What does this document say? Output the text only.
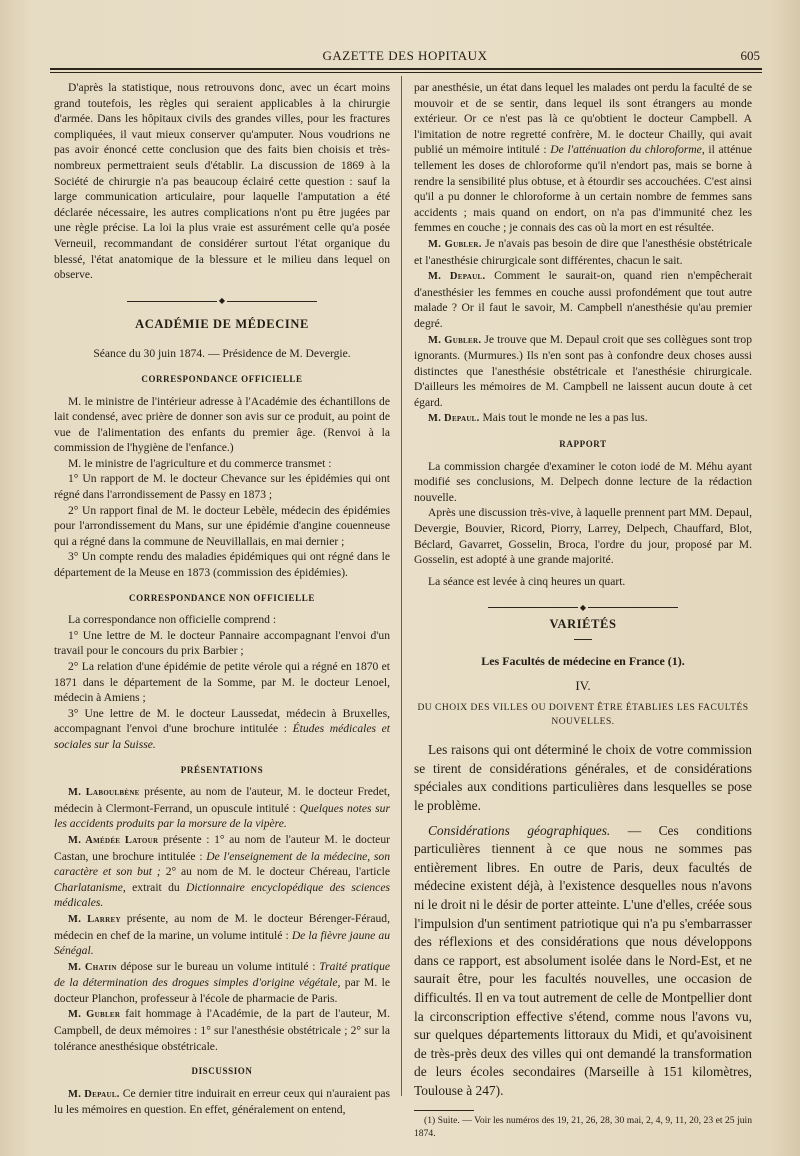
GAZETTE DES HOPITAUX	605

D'après la statistique, nous retrouvons donc, avec un écart moins grand toutefois, les règles qui seraient applicables à la chirurgie d'armée. Dans les hôpitaux civils des grandes villes, pour les fractures compliquées, il vaut mieux conserver qu'amputer. Nous voudrions ne pas avoir énoncé cette conclusion que des faits bien choisis et très-nombreux permettraient seuls d'établir. La discussion de 1869 à la Société de chirurgie n'a pas beaucoup éclairé cette question : sauf la large communication articulaire, pour laquelle l'amputation a été déclarée nécessaire, les autres complications n'ont pu être jugées par une règle précise. La loi la plus vraie est assurément celle qu'a posée Verneuil, recommandant de considérer surtout l'état organique du blessé, l'état anatomique de la blessure et le milieu dans lequel on observe.

◆
ACADÉMIE DE MÉDECINE

Séance du 30 juin 1874. — Présidence de M. Devergie.

CORRESPONDANCE OFFICIELLE

M. le ministre de l'intérieur adresse à l'Académie des échantillons de lait condensé, avec prière de donner son avis sur ce produit, au point de vue de l'alimentation des enfants du premier âge. (Renvoi à la commission de l'hygiène de l'enfance.)

M. le ministre de l'agriculture et du commerce transmet :

1° Un rapport de M. le docteur Chevance sur les épidémies qui ont régné dans l'arrondissement de Passy en 1873 ;

2° Un rapport final de M. le docteur Lebèle, médecin des épidémies pour l'arrondissement du Mans, sur une épidémie d'angine couenneuse qui a régné dans la commune de Neuvillallais, en mai dernier ;

3° Un compte rendu des maladies épidémiques qui ont régné dans le département de la Meuse en 1873 (commission des épidémies).

CORRESPONDANCE NON OFFICIELLE

La correspondance non officielle comprend :

1° Une lettre de M. le docteur Pannaire accompagnant l'envoi d'un travail pour le concours du prix Barbier ;

2° La relation d'une épidémie de petite vérole qui a régné en 1870 et 1871 dans le département de la Somme, par M. le docteur Lenoel, médecin à Amiens ;

3° Une lettre de M. le docteur Laussedat, médecin à Bruxelles, accompagnant l'envoi d'une brochure intitulée : Études médicales et sociales sur la Suisse.

PRÉSENTATIONS

M. Laboulbène présente, au nom de l'auteur, M. le docteur Fredet, médecin à Clermont-Ferrand, un opuscule intitulé : Quelques notes sur les accidents produits par la morsure de la vipère.

M. Amédée Latour présente : 1° au nom de l'auteur M. le docteur Castan, une brochure intitulée : De l'enseignement de la médecine, son caractère et son but ; 2° au nom de M. le docteur Chéreau, l'article Charlatanisme, extrait du Dictionnaire encyclopédique des sciences médicales.

M. Larrey présente, au nom de M. le docteur Bérenger-Féraud, médecin en chef de la marine, un volume intitulé : De la fièvre jaune au Sénégal.

M. Chatin dépose sur le bureau un volume intitulé : Traité pratique de la détermination des drogues simples d'origine végétale, par M. le docteur Planchon, professeur à l'école de pharmacie de Paris.

M. Gubler fait hommage à l'Académie, de la part de l'auteur, M. Campbell, de deux mémoires : 1° sur l'anesthésie obstétricale ; 2° sur la tolérance anesthésique obstétricale.

DISCUSSION

M. Depaul. Ce dernier titre induirait en erreur ceux qui n'auraient pas lu les mémoires en question. En effet, généralement on entend,

par anesthésie, un état dans lequel les malades ont perdu la faculté de se mouvoir et de se sentir, dans lequel ils sont étrangers au monde extérieur. Or ce n'est pas là ce qu'obtient le docteur Campbell. A l'imitation de notre regretté confrère, M. le docteur Chailly, qui avait publié un mémoire intitulé : De l'atténuation du chloroforme, il atténue tellement les doses de chloroforme qu'il n'endort pas, mais se borne à rendre la sensibilité plus obtuse, et à étourdir ses accouchées. C'est ainsi qu'il a pu donner le chloroforme à un certain nombre de femmes sans accidents ; mais quand on endort, on n'a pas d'immunité chez les femmes en couche ; je connais des cas où la mort en est résultée.

M. Gubler. Je n'avais pas besoin de dire que l'anesthésie obstétricale et l'anesthésie chirurgicale sont différentes, chacun le sait.

M. Depaul. Comment le saurait-on, quand rien n'empêcherait d'anesthésier les femmes en couche aussi profondément que tout autre malade ? Or il faut le savoir, M. Campbell n'anesthésie qu'au premier degré.

M. Gubler. Je trouve que M. Depaul croit que ses collègues sont trop ignorants. (Murmures.) Ils n'en sont pas à confondre deux choses aussi distinctes que l'anesthésie obstétricale et l'anesthésie chirurgicale. D'ailleurs les mémoires de M. Campbell ne laissent aucun doute à cet égard.

M. Depaul. Mais tout le monde ne les a pas lus.

RAPPORT

La commission chargée d'examiner le coton iodé de M. Méhu ayant modifié ses conclusions, M. Delpech donne lecture de la rédaction nouvelle.

Après une discussion très-vive, à laquelle prennent part MM. Depaul, Devergie, Bouvier, Ricord, Piorry, Larrey, Delpech, Chauffard, Blot, Béclard, Gavarret, Gosselin, Broca, l'ordre du jour, proposé par M. Gosselin, est adopté à une grande majorité.

La séance est levée à cinq heures un quart.

◆
VARIÉTÉS
Les Facultés de médecine en France (1).
IV.
DU CHOIX DES VILLES OU DOIVENT ÊTRE ÉTABLIES LES FACULTÉS NOUVELLES.

Les raisons qui ont déterminé le choix de votre commission se tirent de considérations générales, et de considérations spéciales aux conditions particulières dans lesquelles se pose le problème.

Considérations géographiques. — Ces conditions particulières tiennent à ce que nous ne sommes pas entièrement libres. En outre de Paris, deux facultés de médecine existent déjà, à l'existence desquelles nous n'avons ni le droit ni le désir de porter atteinte. L'une d'elles, créée sous l'impulsion d'un sentiment patriotique qui n'a pu s'embarrasser des réflexions et des considérations que nous développons dans ce rapport, est absolument isolée dans le Nord-Est, et ne saurait être, pour les facultés nouvelles, une occasion de difficultés. Il en va tout autrement de celle de Montpellier dont la circonscription effective s'étend, comme nous l'avons vu, sur quelques départements littoraux du Midi, et qu'avoisinent de très-près deux des villes qui ont demandé la transformation de leurs écoles secondaires (Marseille à 151 kilomètres, Toulouse à 247).

(1) Suite. — Voir les numéros des 19, 21, 26, 28, 30 mai, 2, 4, 9, 11, 20, 23 et 25 juin 1874.
